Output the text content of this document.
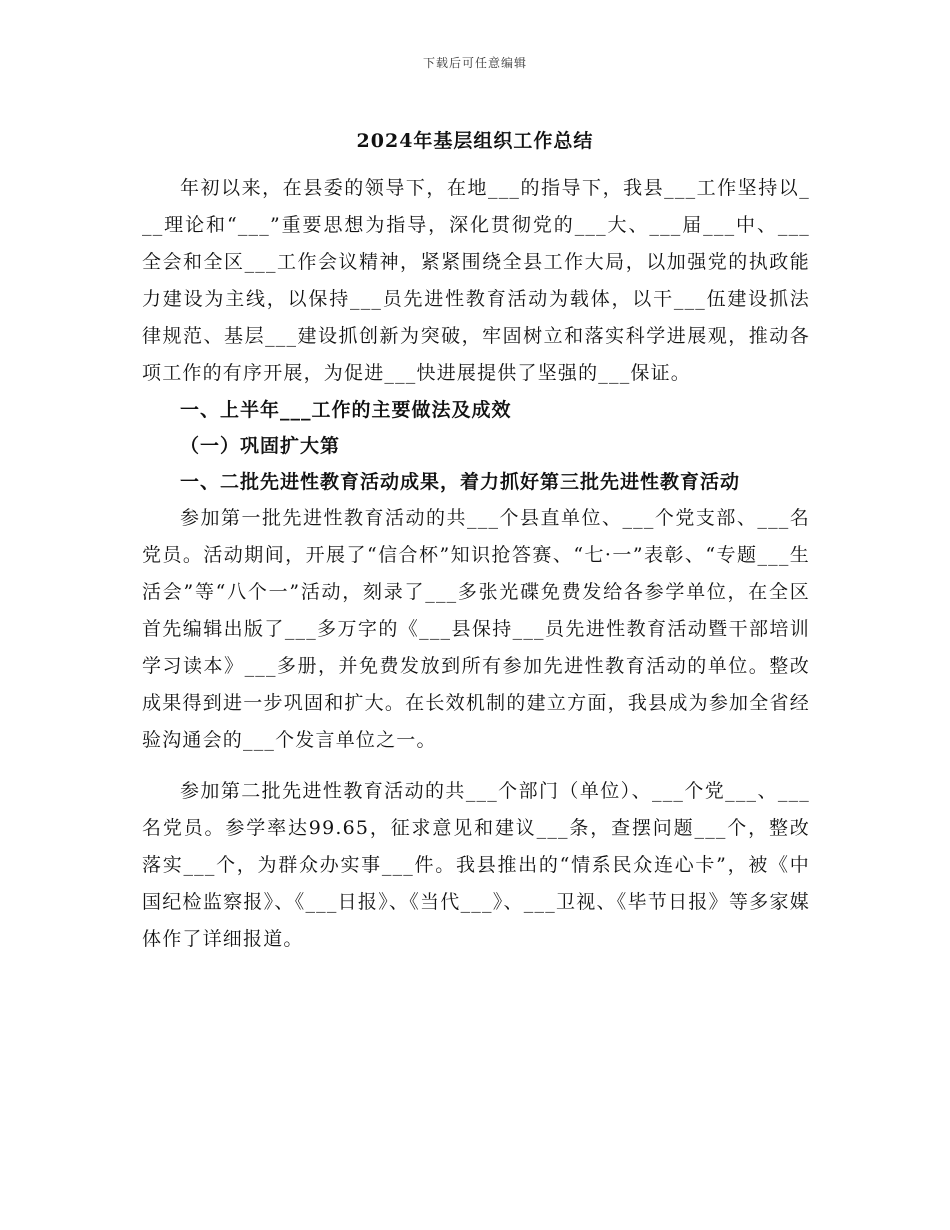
下载后可任意编辑
2024年基层组织工作总结

年初以来，在县委的领导下，在地___的指导下，我县___工作坚持以___理论和“___”重要思想为指导，深化贯彻党的___大、___届___中、___全会和全区___工作会议精神，紧紧围绕全县工作大局，以加强党的执政能力建设为主线，以保持___员先进性教育活动为载体，以干___伍建设抓法律规范、基层___建设抓创新为突破，牢固树立和落实科学进展观，推动各项工作的有序开展，为促进___快进展提供了坚强的___保证。

一、上半年___工作的主要做法及成效

（一）巩固扩大第

一、二批先进性教育活动成果，着力抓好第三批先进性教育活动

参加第一批先进性教育活动的共___个县直单位、___个党支部、___名党员。活动期间，开展了“信合杯”知识抢答赛、“七·一”表彰、“专题___生活会”等“八个一”活动，刻录了___多张光碟免费发给各参学单位，在全区首先编辑出版了___多万字的《___县保持___员先进性教育活动暨干部培训学习读本》___多册，并免费发放到所有参加先进性教育活动的单位。整改成果得到进一步巩固和扩大。在长效机制的建立方面，我县成为参加全省经验沟通会的___个发言单位之一。

参加第二批先进性教育活动的共___个部门（单位）、___个党___、___名党员。参学率达99.65，征求意见和建议___条，查摆问题___个，整改落实___个，为群众办实事___件。我县推出的“情系民众连心卡”，被《中国纪检监察报》、《___日报》、《当代___》、___卫视、《毕节日报》等多家媒体作了详细报道。
